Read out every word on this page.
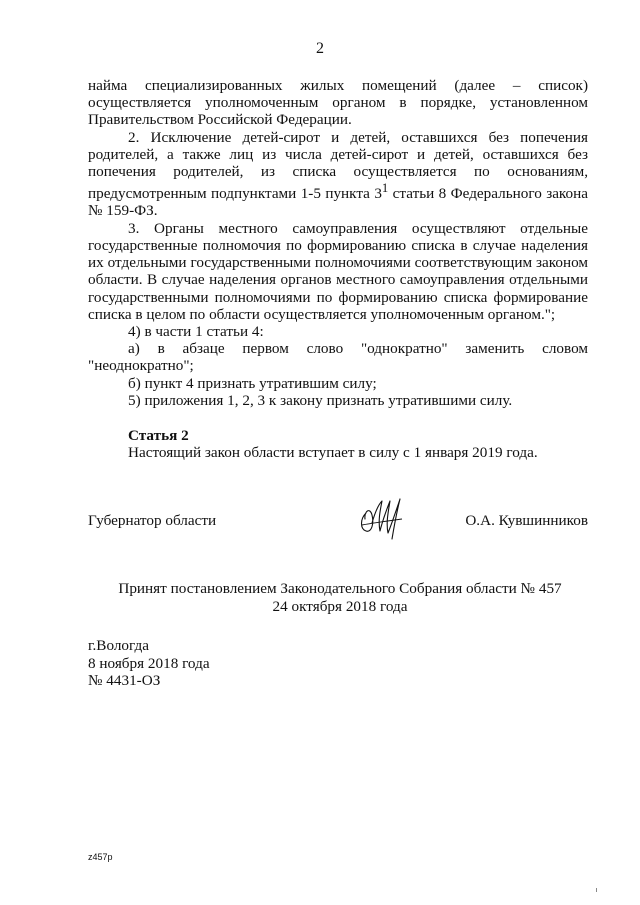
2

найма специализированных жилых помещений (далее – список) осуществляется уполномоченным органом в порядке, установленном Правительством Российской Федерации.

2. Исключение детей-сирот и детей, оставшихся без попечения родителей, а также лиц из числа детей-сирот и детей, оставшихся без попечения родителей, из списка осуществляется по основаниям, предусмотренным подпунктами 1-5 пункта $3^1$ статьи 8 Федерального закона № 159-ФЗ.

3. Органы местного самоуправления осуществляют отдельные государственные полномочия по формированию списка в случае наделения их отдельными государственными полномочиями соответствующим законом области. В случае наделения органов местного самоуправления отдельными государственными полномочиями по формированию списка формирование списка в целом по области осуществляется уполномоченным органом.";

4) в части 1 статьи 4:

а) в абзаце первом слово "однократно" заменить словом "неоднократно";

б) пункт 4 признать утратившим силу;

5) приложения 1, 2, 3 к закону признать утратившими силу.

Статья 2
Настоящий закон области вступает в силу с 1 января 2019 года.
Губернатор области	О.А. Кувшинников
Принят постановлением Законодательного Собрания области № 457
24 октября 2018 года
г.Вологда
8 ноября 2018 года
№ 4431-ОЗ
z457p
